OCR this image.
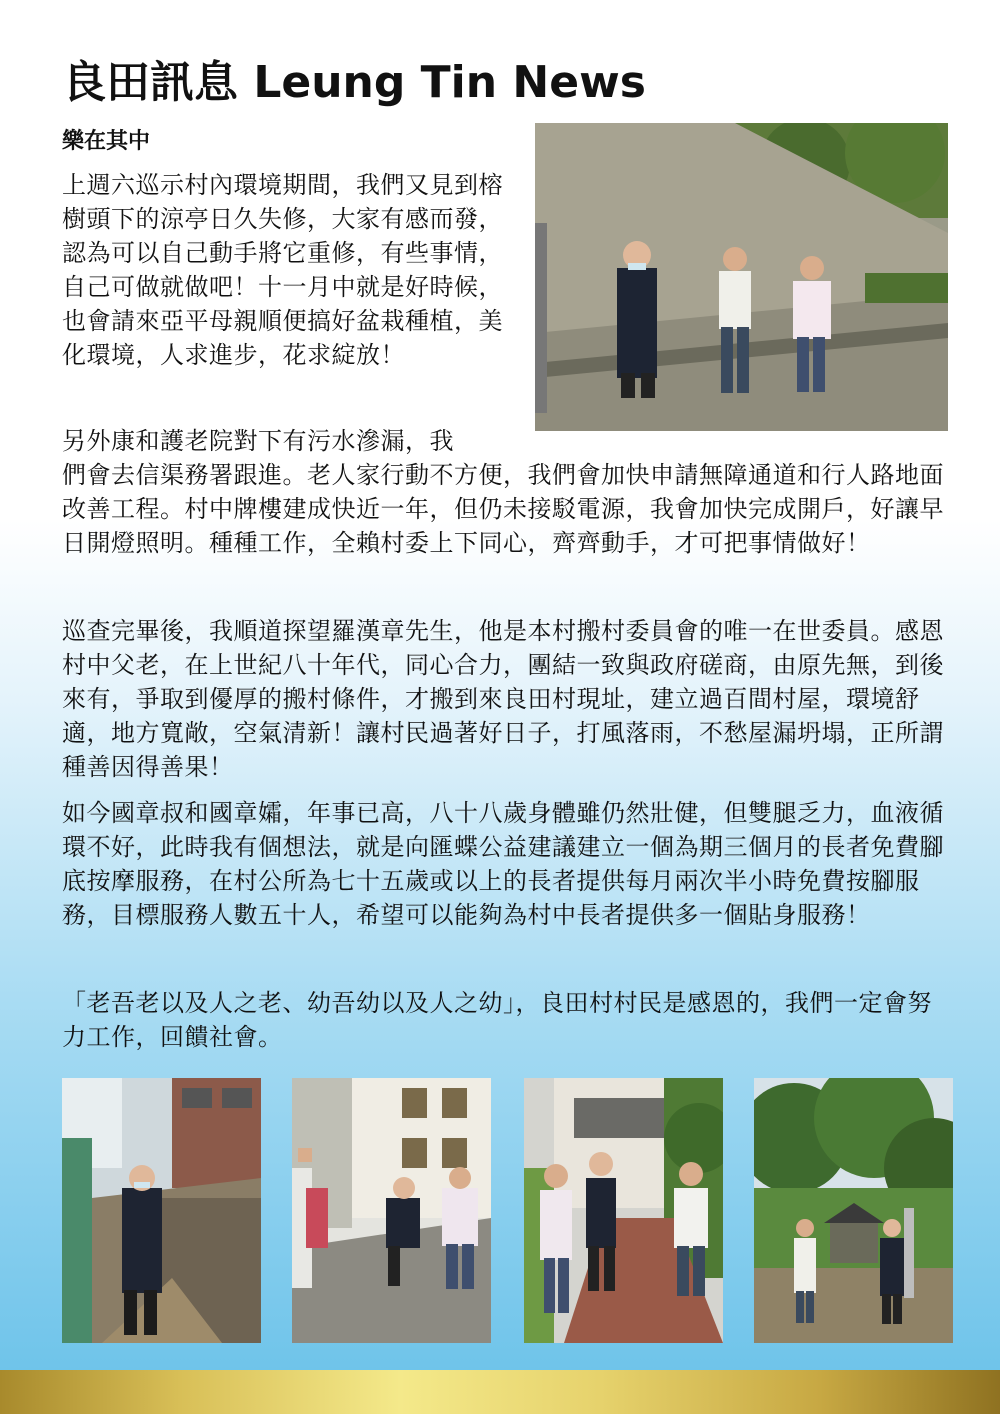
良田訊息 Leung Tin News
樂在其中

上週六巡示村內環境期間，我們又見到榕樹頭下的涼亭日久失修，大家有感而發，認為可以自己動手將它重修，有些事情，自己可做就做吧！十一月中就是好時候，也會請來亞平母親順便搞好盆栽種植，美化環境，人求進步，花求綻放！

另外康和護老院對下有污水滲漏，我

們會去信渠務署跟進。老人家行動不方便，我們會加快申請無障通道和行人路地面改善工程。村中牌樓建成快近一年，但仍未接駁電源，我會加快完成開戶，好讓早日開燈照明。種種工作，全賴村委上下同心，齊齊動手，才可把事情做好！

巡查完畢後，我順道探望羅漢章先生，他是本村搬村委員會的唯一在世委員。感恩村中父老，在上世紀八十年代，同心合力，團結一致與政府磋商，由原先無，到後來有，爭取到優厚的搬村條件，才搬到來良田村現址，建立過百間村屋，環境舒適，地方寬敞，空氣清新！讓村民過著好日子，打風落雨，不愁屋漏坍塌，正所謂種善因得善果！

如今國章叔和國章孀，年事已高，八十八歲身體雖仍然壯健，但雙腿乏力，血液循環不好，此時我有個想法，就是向匯蝶公益建議建立一個為期三個月的長者免費腳底按摩服務，在村公所為七十五歲或以上的長者提供每月兩次半小時免費按腳服務，目標服務人數五十人，希望可以能夠為村中長者提供多一個貼身服務！

「老吾老以及人之老、幼吾幼以及人之幼」，良田村村民是感恩的，我們一定會努力工作，回饋社會。
